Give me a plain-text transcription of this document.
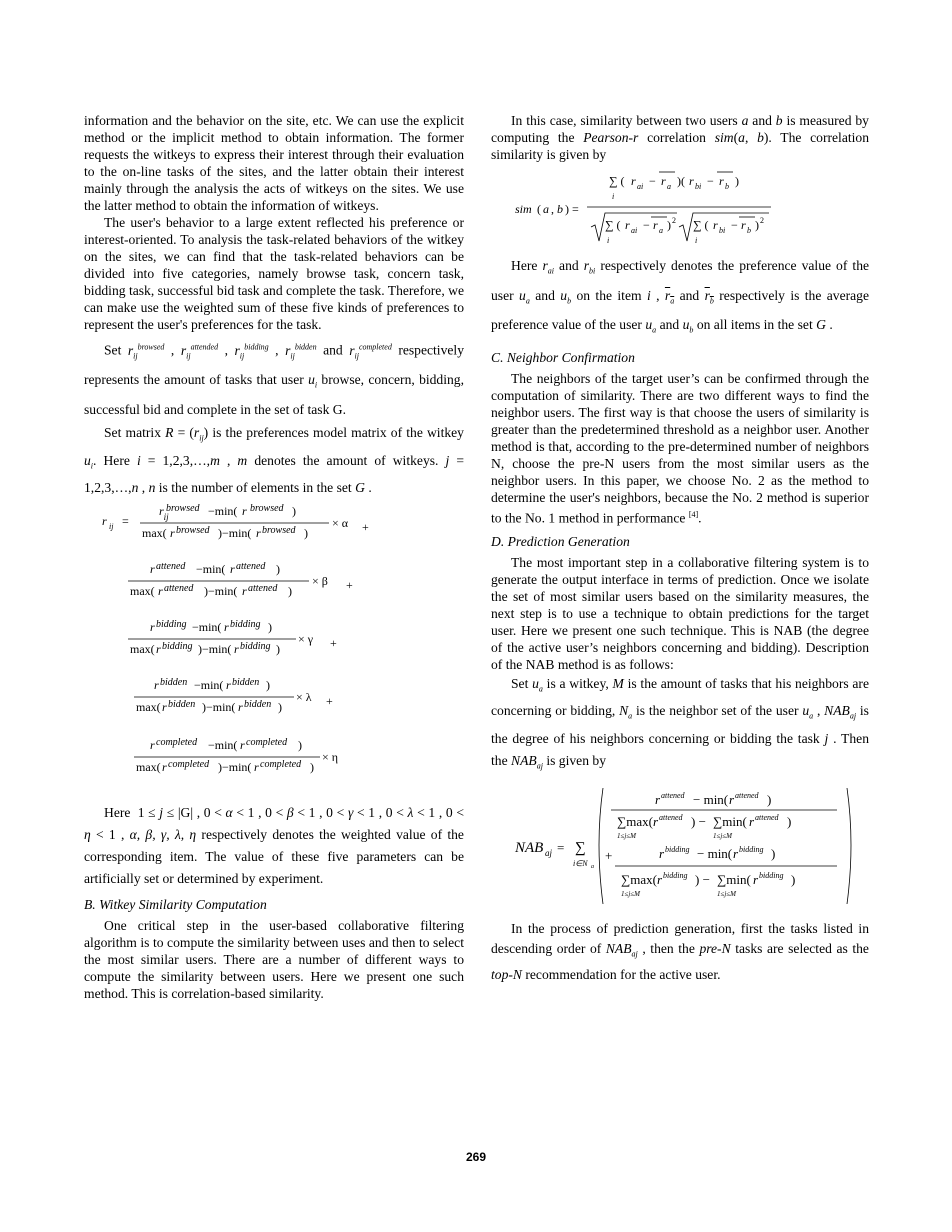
information and the behavior on the site, etc. We can use the explicit method or the implicit method to obtain information. The former requests the witkeys to express their interest through their evaluation to the on-line tasks of the sites, and the latter obtain their interest mainly through the analysis the acts of witkeys on the sites. We use the latter method to obtain the information of witkeys.

The user's behavior to a large extent reflected his preference or interest-oriented. To analysis the task-related behaviors of the witkey on the sites, we can find that the task-related behaviors can be divided into five categories, namely browse task, concern task, bidding task, successful bid task and complete the task. Therefore, we can make use the weighted sum of these five kinds of preferences to represent the user's preferences for the task.

Set $r_{ij}^{browsed}$ , $r_{ij}^{attended}$ , $r_{ij}^{bidding}$ , $r_{ij}^{bidden}$ and $r_{ij}^{completed}$ respectively represents the amount of tasks that user $u_i$ browse, concern, bidding, successful bid and complete in the set of task G.

Set matrix $R = (r_{ij})$ is the preferences model matrix of the witkey $u_i$. Here i = 1,2,3,…,m , m denotes the amount of witkeys. j = 1,2,3,…,n , n is the number of elements in the set G .

r ij =
$r_{ij}$
browsed −min( r browsed )
max( r browsed )−min( r browsed )
× α +
r attened −min( r attened )
max( r attened )−min( r attened )
× β +
r bidding −min( r bidding )
max( r bidding )−min( r bidding )
× γ +
r bidden −min( r bidden )
max( r bidden )−min( r bidden )
× λ +
r completed −min( r completed )
max( r completed )−min( r completed )
× η

Here  1 ≤ j ≤ |G| , 0 < α < 1 , 0 < β < 1 , 0 < γ < 1 , 0 < λ < 1 , 0 < η < 1 , α, β, γ, λ, η respectively denotes the weighted value of the corresponding item. The value of these five parameters can be artificially set or determined by experiment.

B. Witkey Similarity Computation

One critical step in the user-based collaborative filtering algorithm is to compute the similarity between uses and then to select the most similar users. There are a number of different ways to compute the similarity between users. Here we present one such method. This is correlation-based similarity.

In this case, similarity between two users a and b is measured by computing the Pearson-r correlation sim(a, b). The correlation similarity is given by

∑ ( r ai − r a )( r bi − r b )
i
sim ( a , b ) =
∑ ( r ai − r a ) 2
i
∑ ( r bi − r b ) 2
i

Here $r_{ai}$ and $r_{bi}$ respectively denotes the preference value of the user $u_a$ and $u_b$ on the item i , $r_a$ and $r_b$ respectively is the average preference value of the user $u_a$ and $u_b$ on all items in the set G .

C. Neighbor Confirmation

The neighbors of the target user’s can be confirmed through the computation of similarity. There are two different ways to find the neighbor users. The first way is that choose the users of similarity is greater than the predetermined threshold as a neighbor user. Another method is that, according to the pre-determined number of neighbors N, choose the pre-N users from the most similar users as the neighbor users. In this paper, we choose No. 2 as the method to determine the user's neighbors, because the No. 2 method is superior to the No. 1 method in performance [4].

D. Prediction Generation

The most important step in a collaborative filtering system is to generate the output interface in terms of prediction. Once we isolate the set of most similar users based on the similarity measures, the next step is to use a technique to obtain predictions for the target user. Here we present one such technique. This is NAB (the degree of the active user’s neighbors concerning and bidding). Description of the NAB method is as follows:

Set $u_a$ is a witkey, M is the amount of tasks that his neighbors are concerning or bidding, $N_a$ is the neighbor set of the user $u_a$ , $NAB_{aj}$ is the degree of his neighbors concerning or bidding the task j . Then the $NAB_{aj}$ is given by

NAB aj = ∑
i∈N a
r attened − min( r attened )
∑max( r attened ) − ∑min( r attened )
1≤j≤M	1≤j≤M
+	r bidding − min( r bidding )
∑max( r bidding ) − ∑min( r bidding )
1≤j≤M	1≤j≤M

In the process of prediction generation, first the tasks listed in descending order of $NAB_{aj}$ , then the pre-N tasks are selected as the top-N recommendation for the active user.

269
